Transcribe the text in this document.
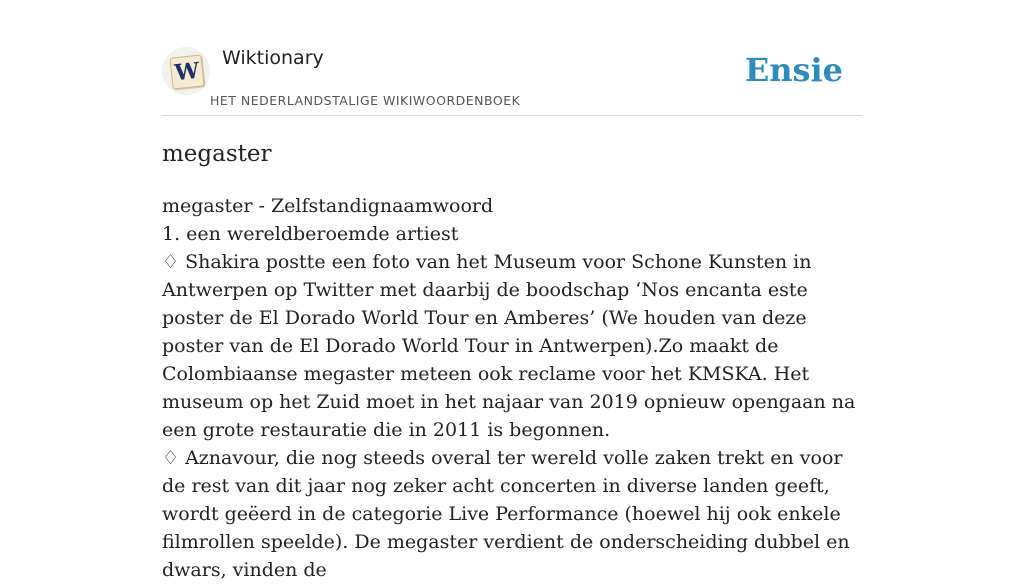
W Wiktionary
HET NEDERLANDSTALIGE WIKIWOORDENBOEK
Ensie
megaster

megaster - Zelfstandignaamwoord

1. een wereldberoemde artiest

♢ Shakira postte een foto van het Museum voor Schone Kunsten in Antwerpen op Twitter met daarbij de boodschap ‘Nos encanta este poster de El Dorado World Tour en Amberes’ (We houden van deze poster van de El Dorado World Tour in Antwerpen).Zo maakt de Colombiaanse megaster meteen ook reclame voor het KMSKA. Het museum op het Zuid moet in het najaar van 2019 opnieuw opengaan na een grote restauratie die in 2011 is begonnen.

♢ Aznavour, die nog steeds overal ter wereld volle zaken trekt en voor de rest van dit jaar nog zeker acht concerten in diverse landen geeft, wordt geëerd in de categorie Live Performance (hoewel hij ook enkele filmrollen speelde). De megaster verdient de onderscheiding dubbel en dwars, vinden de
